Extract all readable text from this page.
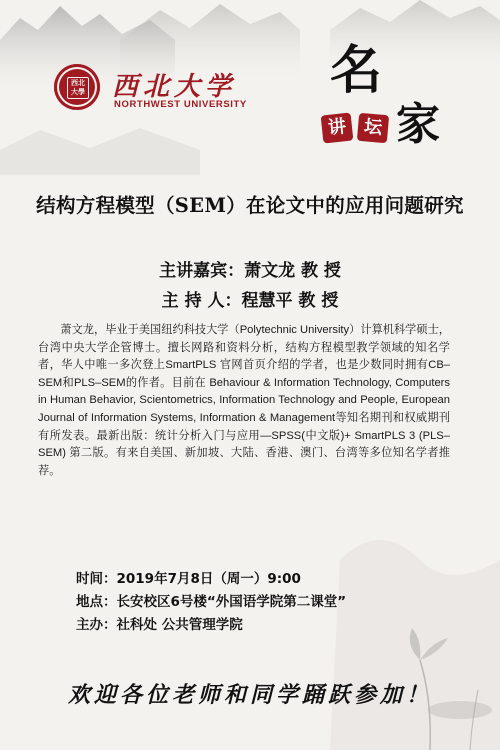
西北
大學 西北大学
NORTHWEST UNIVERSITY
名
家
讲 坛
结构方程模型（SEM）在论文中的应用问题研究
主讲嘉宾：萧文龙 教 授
主 持 人：程慧平 教 授
萧文龙，毕业于美国纽约科技大学（Polytechnic University）计算机科学硕士，台湾中央大学企管博士。擅长网路和资料分析，结构方程模型教学领域的知名学者，华人中唯一多次登上SmartPLS 官网首页介绍的学者，也是少数同时拥有CB–SEM和PLS–SEM的作者。目前在 Behaviour & Information Technology, Computers in Human Behavior, Scientometrics, Information Technology and People, European Journal of Information Systems, Information & Management等知名期刊和权威期刊有所发表。最新出版：统计分析入门与应用—SPSS(中文版)+ SmartPLS 3 (PLS–SEM) 第二版。有来自美国、新加坡、大陆、香港、澳门、台湾等多位知名学者推荐。
时间：2019年7月8日（周一）9:00
地点：长安校区6号楼“外国语学院第二课堂”
主办：社科处 公共管理学院
欢迎各位老师和同学踊跃参加！
